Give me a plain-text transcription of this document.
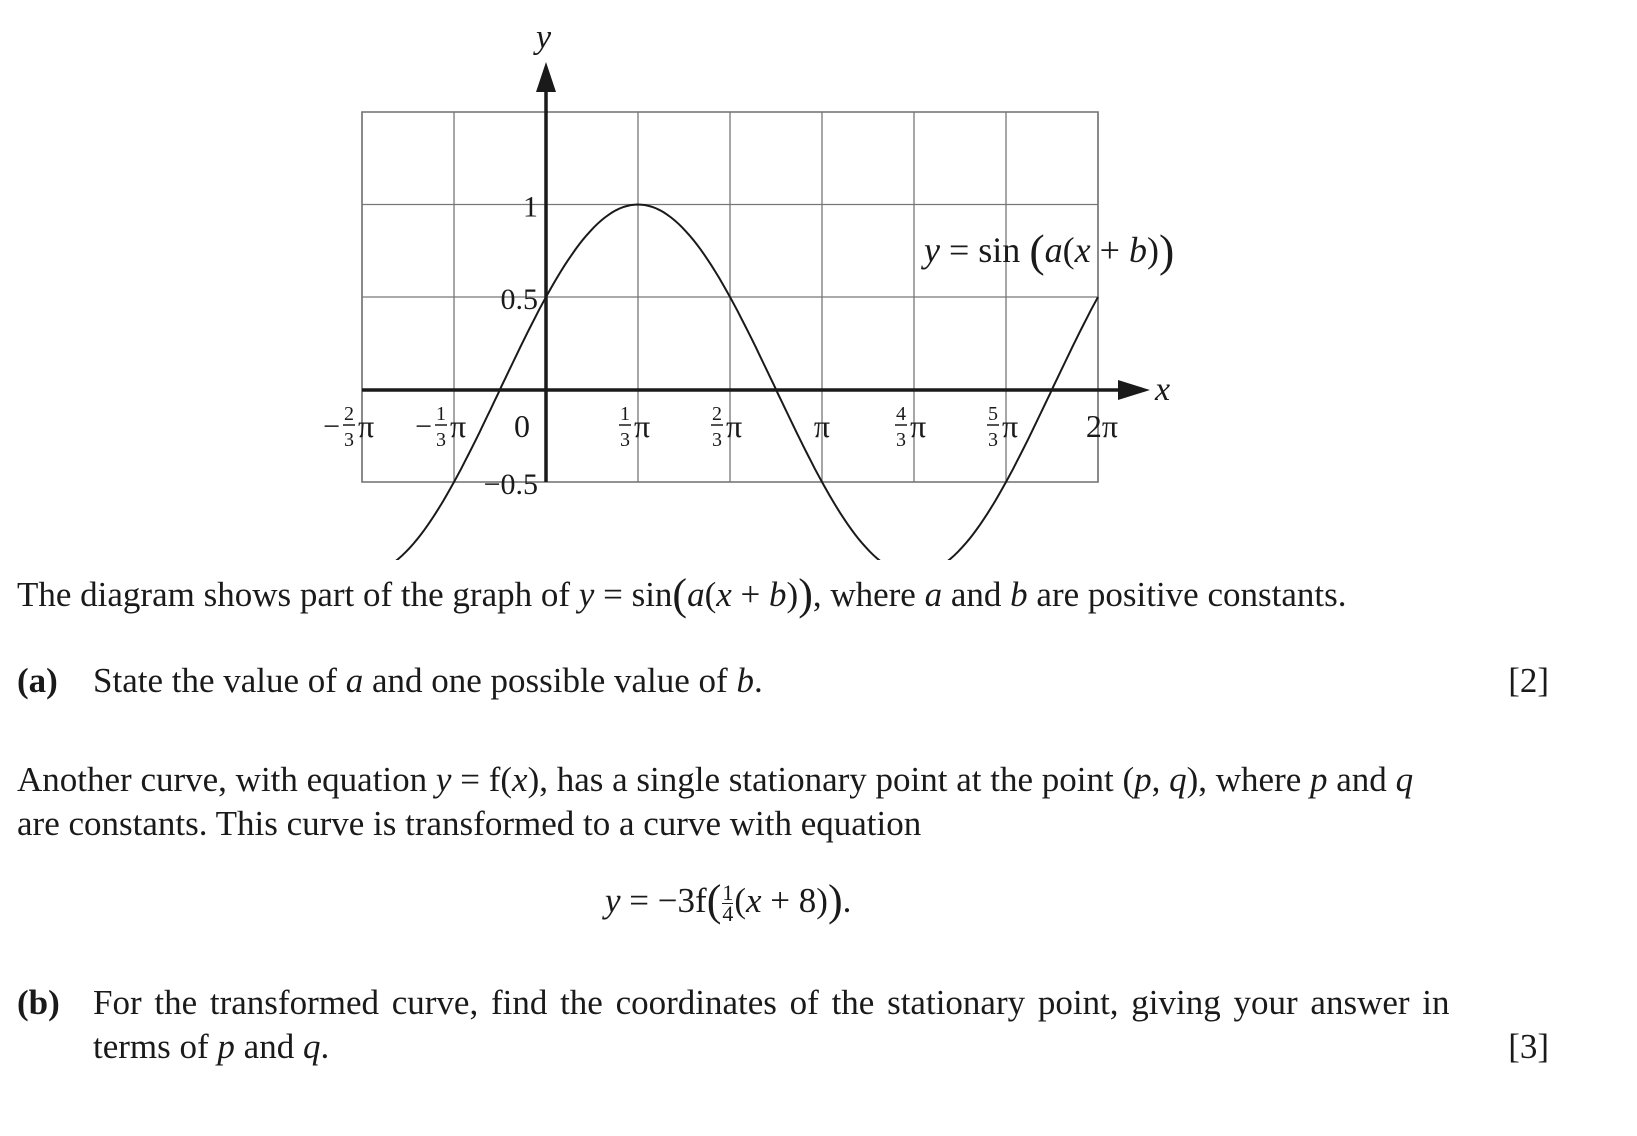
x
y
−0.5
0.5
1
− 2
3 π − 1
3 π 0	1
3 π	2
3 π π	4
3 π	5
3 π 2π
y = sin (a(x + b))
The diagram shows part of the graph of y = sin(a(x + b)), where a and b are positive constants.
(a) State the value of a and one possible value of b.	[2]
Another curve, with equation y = f(x), has a single stationary point at the point (p, q), where p and q
are constants. This curve is transformed to a curve with equation
$y = -3f( \frac{1}{4} (x + 8))$.
(b) For the transformed curve, find the coordinates of the stationary point, giving your answer in
terms of p and q.	[3]
